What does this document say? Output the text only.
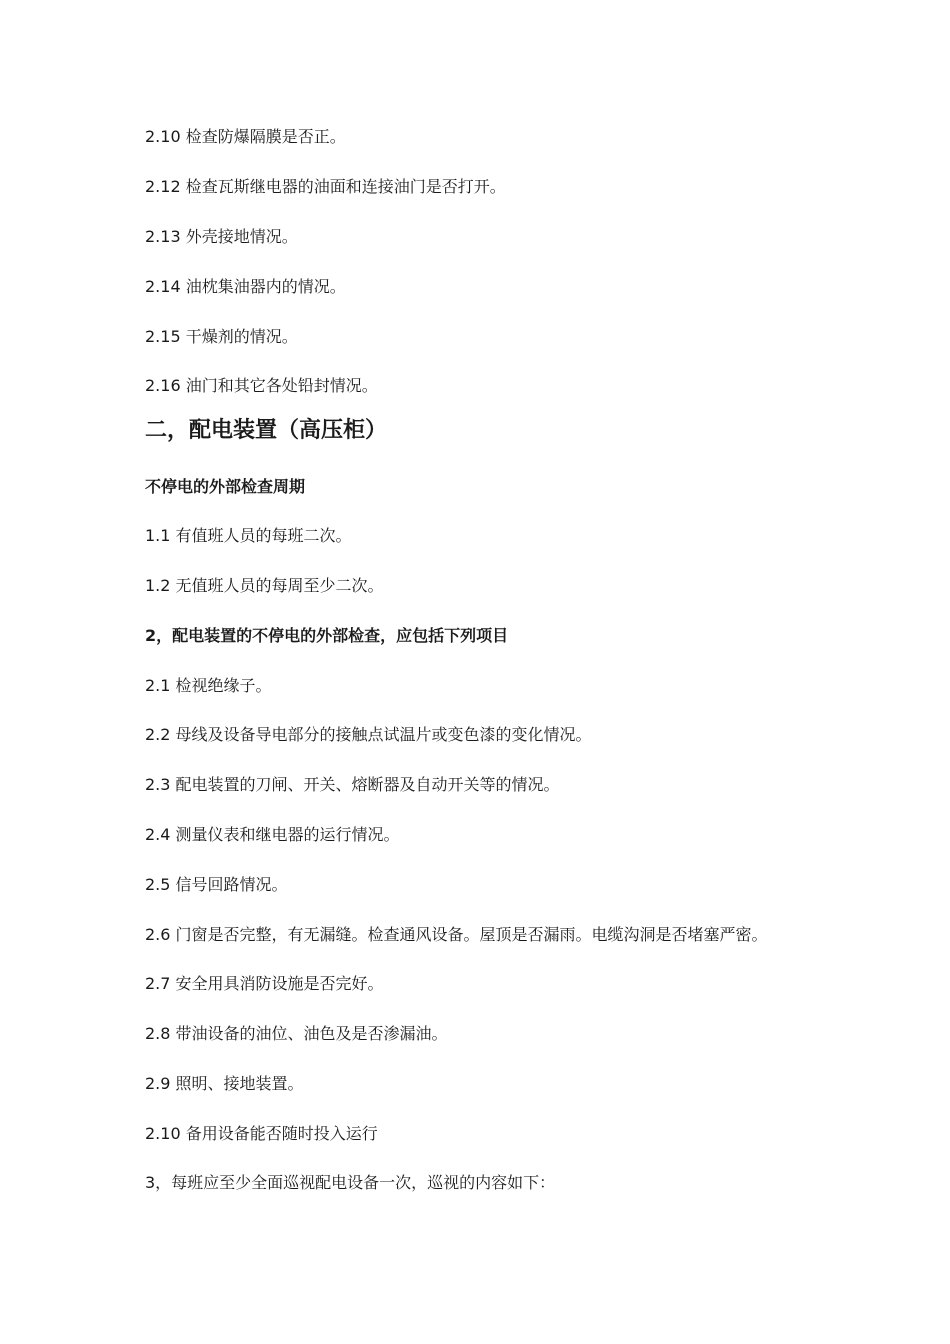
2.10 检查防爆隔膜是否正。
2.12 检查瓦斯继电器的油面和连接油门是否打开。
2.13 外壳接地情况。
2.14 油枕集油器内的情况。
2.15 干燥剂的情况。
2.16 油门和其它各处铅封情况。
二，配电装置（高压柜）
不停电的外部检查周期
1.1 有值班人员的每班二次。
1.2 无值班人员的每周至少二次。
2，配电装置的不停电的外部检查，应包括下列项目
2.1 检视绝缘子。
2.2 母线及设备导电部分的接触点试温片或变色漆的变化情况。
2.3 配电装置的刀闸、开关、熔断器及自动开关等的情况。
2.4 测量仪表和继电器的运行情况。
2.5 信号回路情况。
2.6 门窗是否完整，有无漏缝。检查通风设备。屋顶是否漏雨。电缆沟洞是否堵塞严密。
2.7 安全用具消防设施是否完好。
2.8 带油设备的油位、油色及是否渗漏油。
2.9 照明、接地装置。
2.10 备用设备能否随时投入运行
3，每班应至少全面巡视配电设备一次，巡视的内容如下：
